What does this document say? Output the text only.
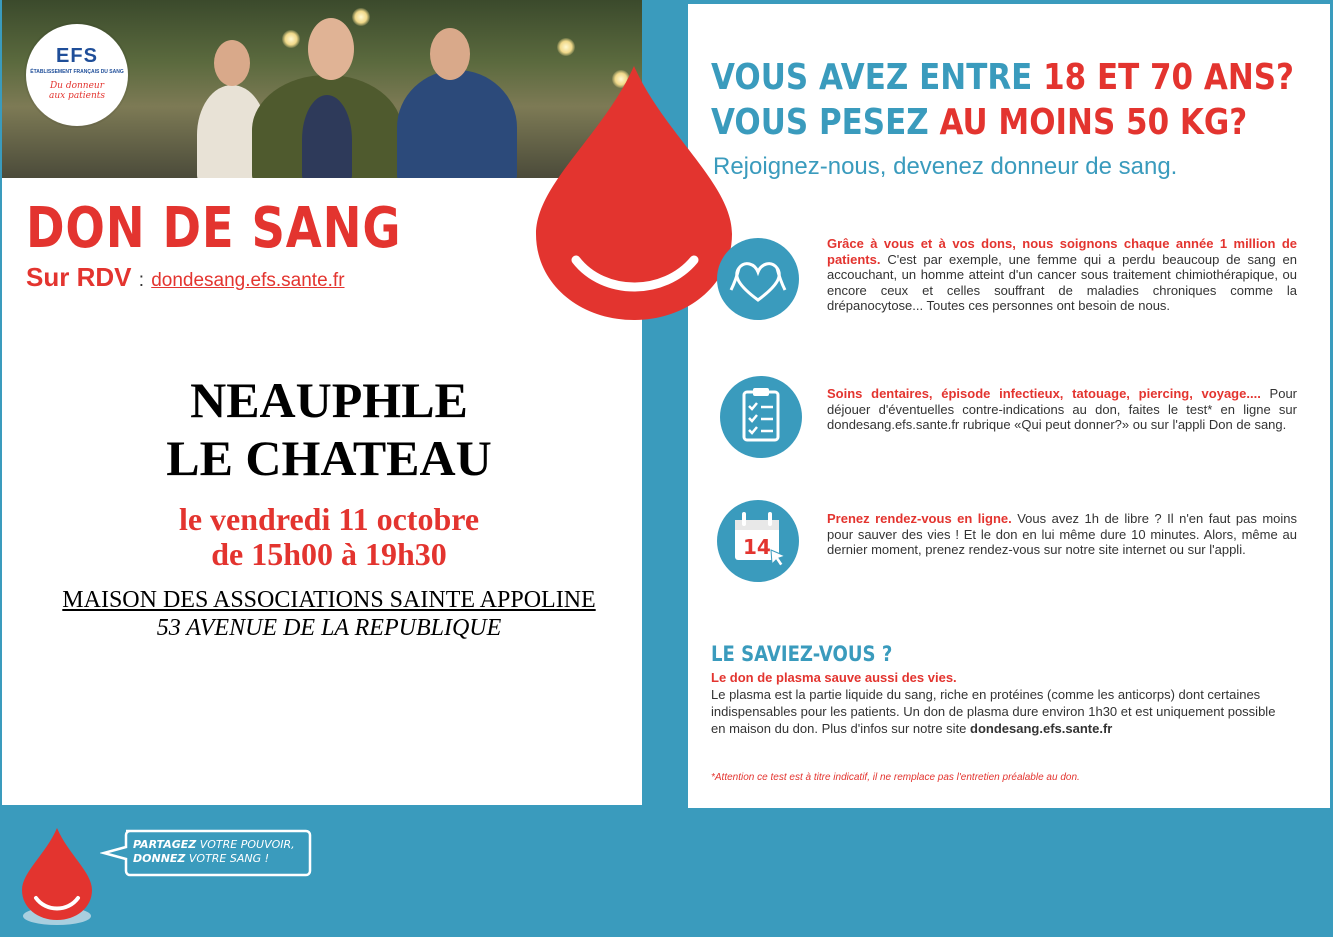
EFS
ÉTABLISSEMENT FRANÇAIS DU SANG
Du donneur
aux patients
DON DE SANG
Sur RDV : dondesang.efs.sante.fr
NEAUPHLE
LE CHATEAU
le vendredi 11 octobre
de 15h00 à 19h30
MAISON DES ASSOCIATIONS SAINTE APPOLINE
53 AVENUE DE LA REPUBLIQUE
VOUS AVEZ ENTRE 18 ET 70 ANS?
VOUS PESEZ AU MOINS 50 KG?
Rejoignez-nous, devenez donneur de sang.
14
Grâce à vous et à vos dons, nous soignons chaque année 1 million de patients. C'est par exemple, une femme qui a perdu beaucoup de sang en accouchant, un homme atteint d'un cancer sous traitement chimiothérapique, ou encore ceux et celles souffrant de maladies chroniques comme la drépanocytose... Toutes ces personnes ont besoin de nous.
Soins dentaires, épisode infectieux, tatouage, piercing, voyage.... Pour déjouer d'éventuelles contre-indications au don, faites le test* en ligne sur dondesang.efs.sante.fr rubrique «Qui peut donner?» ou sur l'appli Don de sang.
Prenez rendez-vous en ligne. Vous avez 1h de libre ? Il n'en faut pas moins pour sauver des vies ! Et le don en lui même dure 10 minutes. Alors, même au dernier moment, prenez rendez-vous sur notre site internet ou sur l'appli.
LE SAVIEZ-VOUS ?
Le don de plasma sauve aussi des vies.
Le plasma est la partie liquide du sang, riche en protéines (comme les anticorps) dont certaines indispensables pour les patients. Un don de plasma dure environ 1h30 et est uniquement possible en maison du don. Plus d'infos sur notre site dondesang.efs.sante.fr
*Attention ce test est à titre indicatif, il ne remplace pas l'entretien préalable au don.
PARTAGEZ VOTRE POUVOIR,
DONNEZ VOTRE SANG !
